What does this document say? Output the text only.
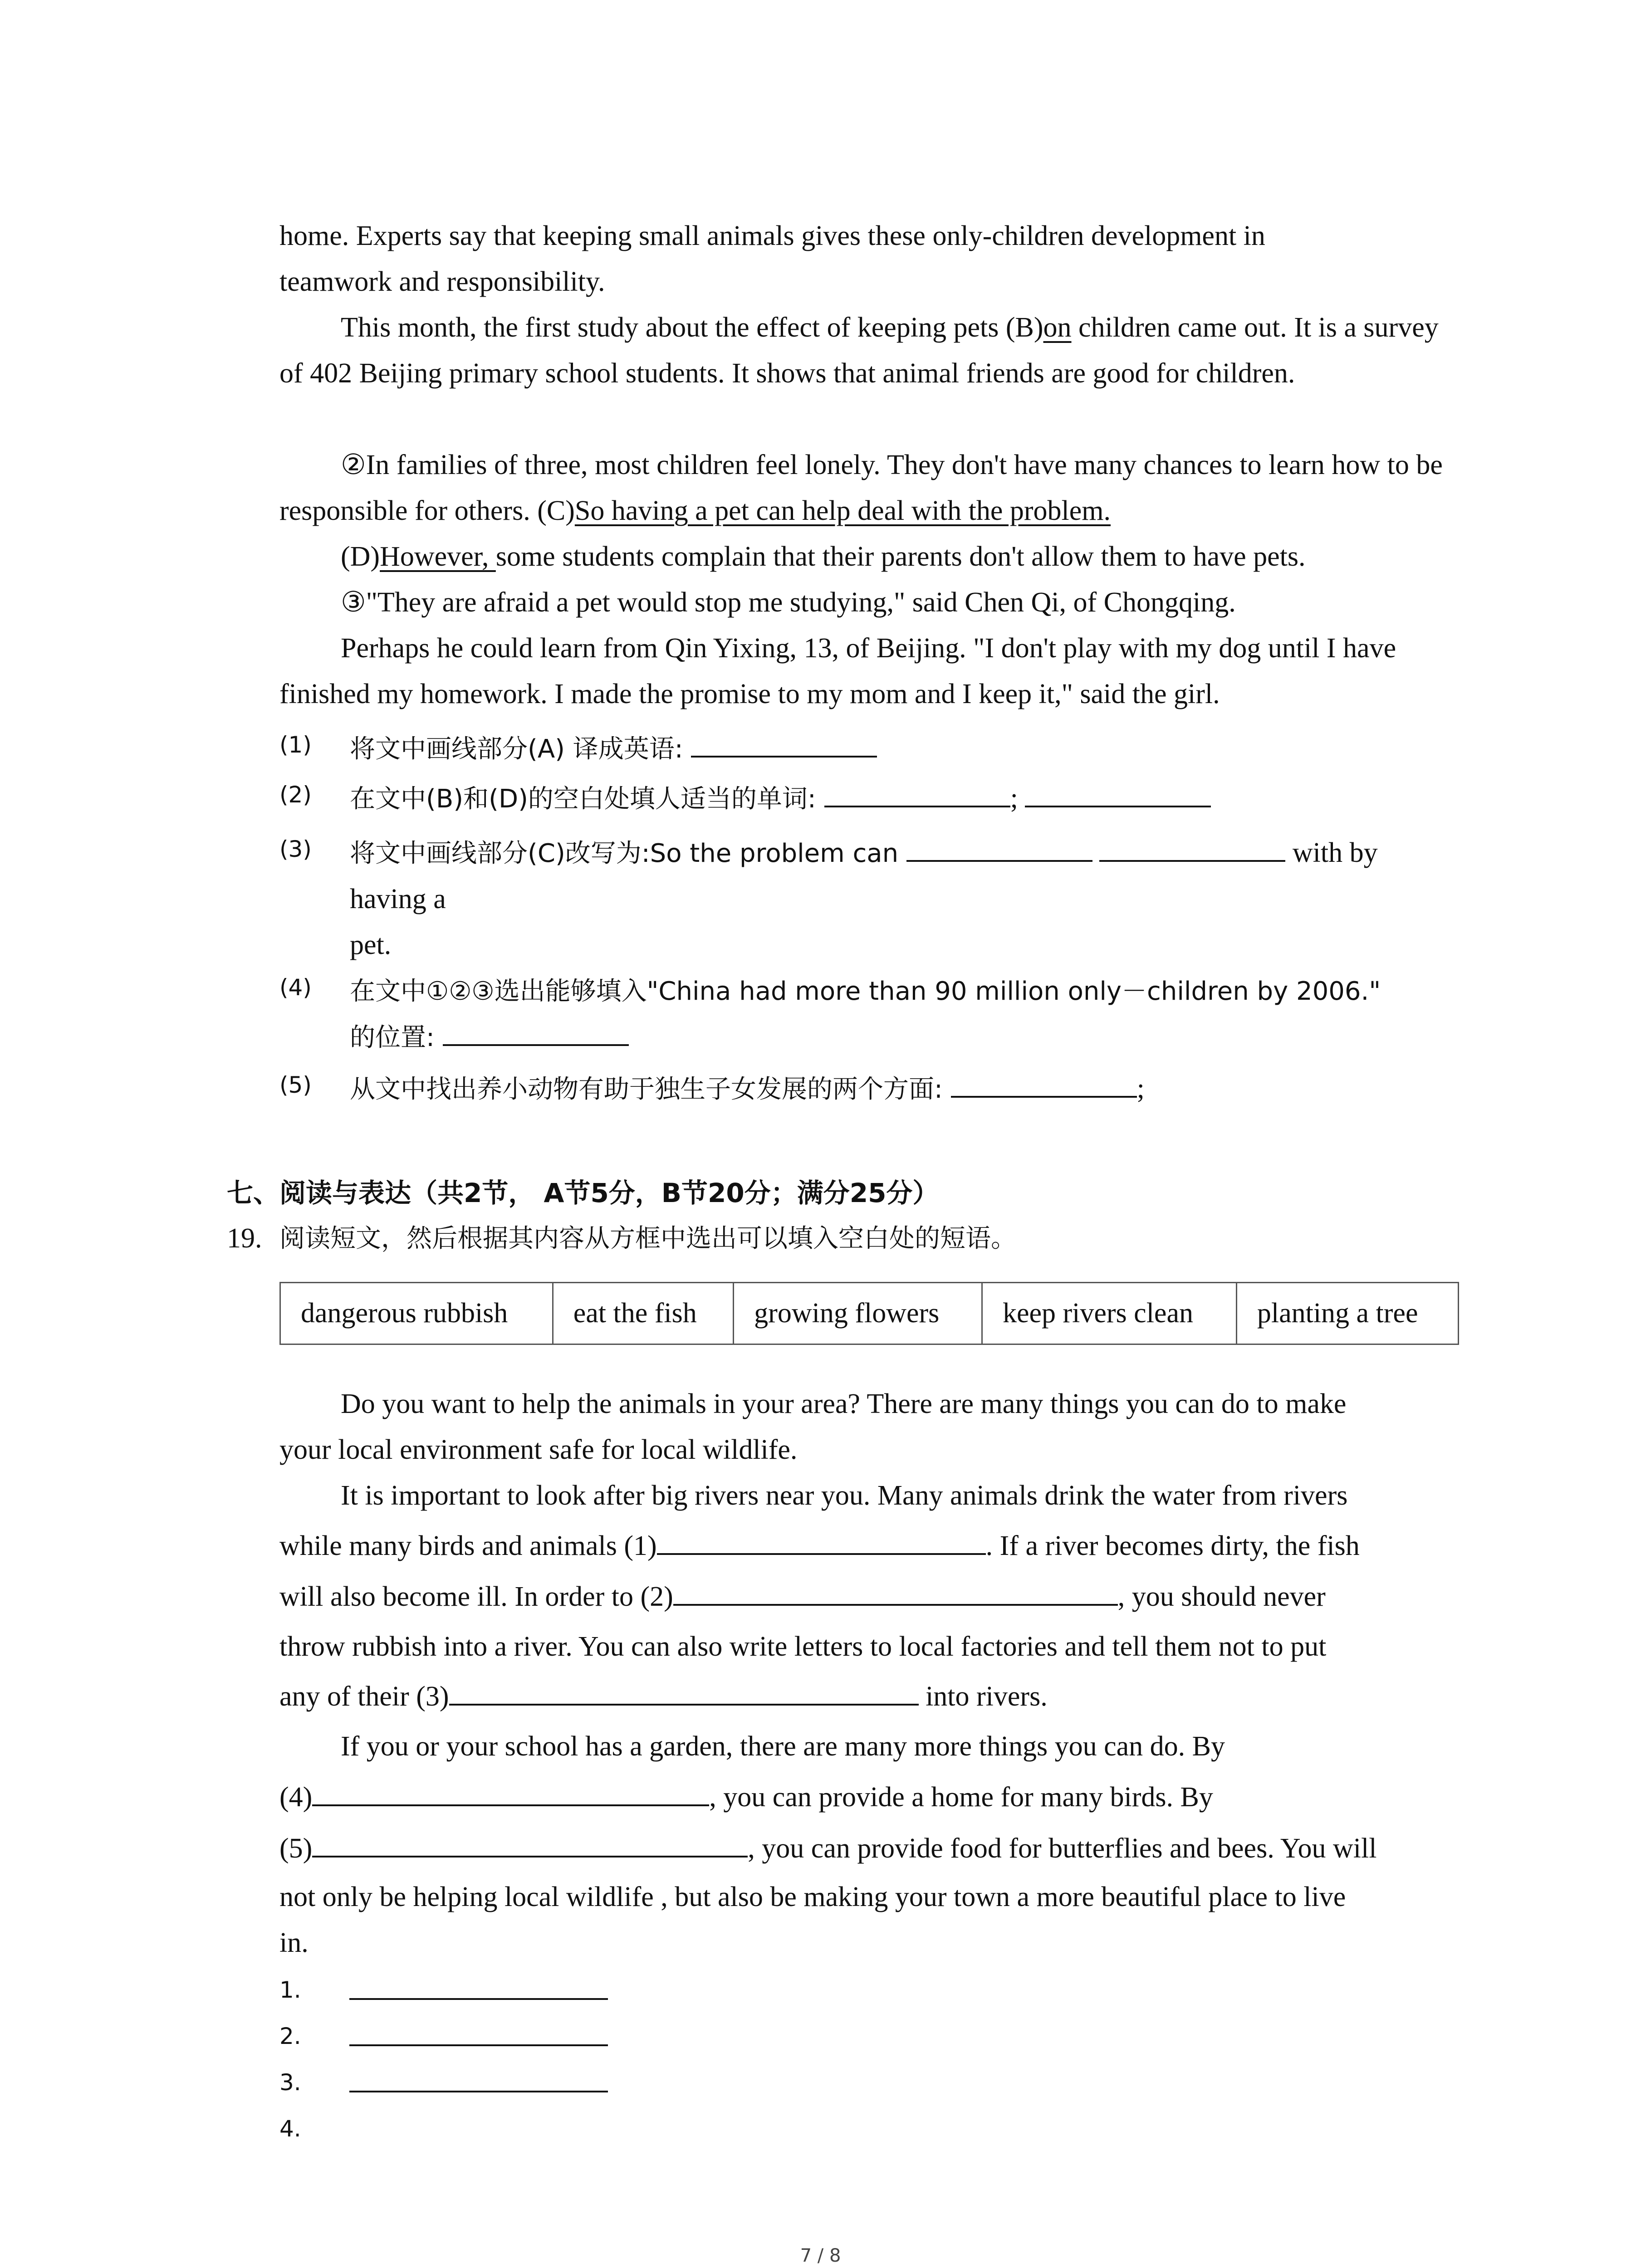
home. Experts say that keeping small animals gives these only-children development in
teamwork and responsibility.
This month, the first study about the effect of keeping pets (B)on children came out. It is a survey of 402 Beijing primary school students. It shows that animal friends are good for children.
②In families of three, most children feel lonely. They don't have many chances to learn how to be responsible for others. (C)So having a pet can help deal with the problem.
(D)However, some students complain that their parents don't allow them to have pets.
③"They are afraid a pet would stop me studying," said Chen Qi, of Chongqing.
Perhaps he could learn from Qin Yixing, 13, of Beijing. "I don't play with my dog until I have finished my homework. I made the promise to my mom and I keep it," said the girl.
(1) 将文中画线部分(A) 译成英语:
(2) 在文中(B)和(D)的空白处填人适当的单词:	;
(3) 将文中画线部分(C)改写为:So the problem can	with by
having a
pet.
(4) 在文中①②③选出能够填入"China had more than 90 million only－children by 2006."
的位置:
(5) 从文中找出养小动物有助于独生子女发展的两个方面:	;
七、阅读与表达（共2节， A节5分，B节20分；满分25分）
19. 阅读短文，然后根据其内容从方框中选出可以填入空白处的短语。
dangerous rubbish	eat the fish	growing flowers	keep rivers clean	planting a tree
Do you want to help the animals in your area? There are many things you can do to make
your local environment safe for local wildlife.
It is important to look after big rivers near you. Many animals drink the water from rivers
while many birds and animals (1)	. If a river becomes dirty, the fish
will also become ill. In order to (2)	, you should never
throw rubbish into a river. You can also write letters to local factories and tell them not to put
any of their (3)	into rivers.
If you or your school has a garden, there are many more things you can do. By
(4)	, you can provide a home for many birds. By
(5)	, you can provide food for butterflies and bees. You will
not only be helping local wildlife , but also be making your town a more beautiful place to live
in.
1.
2.
3.
4.
7 / 8
